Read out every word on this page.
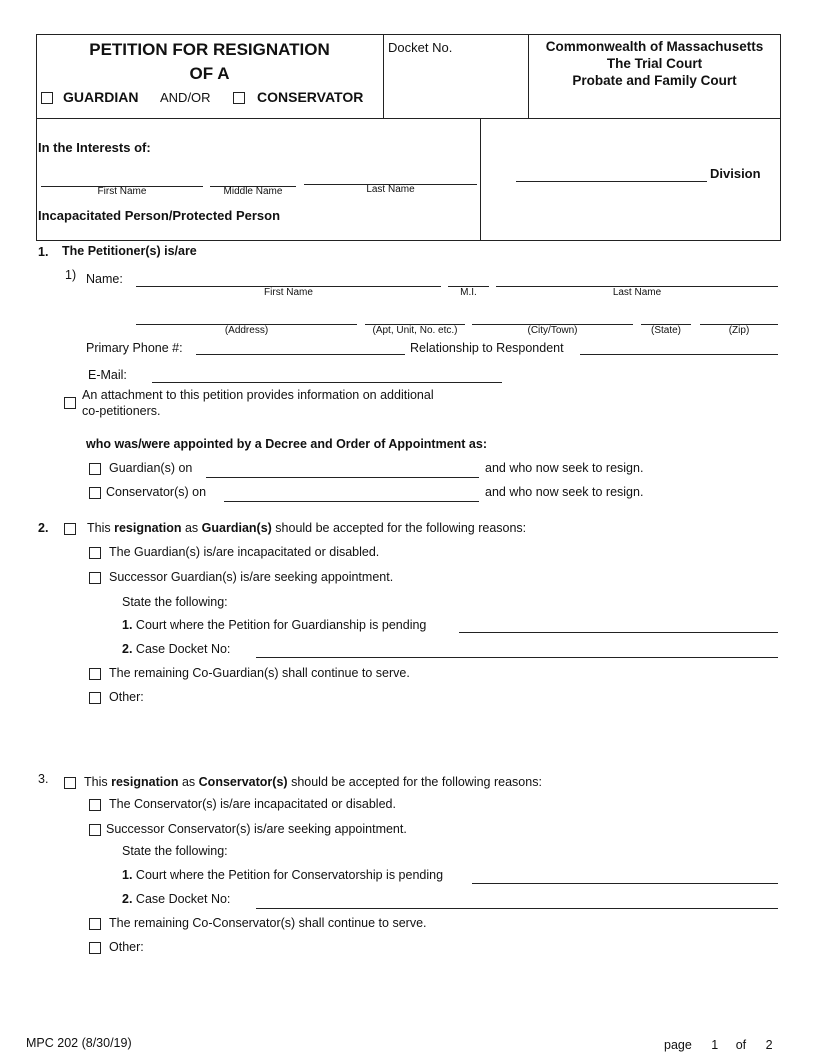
PETITION FOR RESIGNATION
OF A
GUARDIAN AND/OR	CONSERVATOR
Docket No.	Commonwealth of Massachusetts
The Trial Court
Probate and Family Court
In the Interests of:
First Name	Middle Name	Last Name
Incapacitated Person/Protected Person
Division
1. The Petitioner(s) is/are
1) Name:
First Name	M.I.	Last Name
(Address)	(Apt, Unit, No. etc.)	(City/Town)	(State)	(Zip)
Primary Phone #:	Relationship to Respondent
E-Mail:
An attachment to this petition provides information on additional
co-petitioners.
who was/were appointed by a Decree and Order of Appointment as:
Guardian(s) on	and who now seek to resign.
Conservator(s) on	and who now seek to resign.
2.	This resignation as Guardian(s) should be accepted for the following reasons:
The Guardian(s) is/are incapacitated or disabled.
Successor Guardian(s) is/are seeking appointment.
State the following:
1. Court where the Petition for Guardianship is pending
2. Case Docket No:
The remaining Co-Guardian(s) shall continue to serve.
Other:
3.	This resignation as Conservator(s) should be accepted for the following reasons:
The Conservator(s) is/are incapacitated or disabled.
Successor Conservator(s) is/are seeking appointment.
State the following:
1. Court where the Petition for Conservatorship is pending
2. Case Docket No:
The remaining Co-Conservator(s) shall continue to serve.
Other:
MPC 202 (8/30/19)	page 1 of 2
